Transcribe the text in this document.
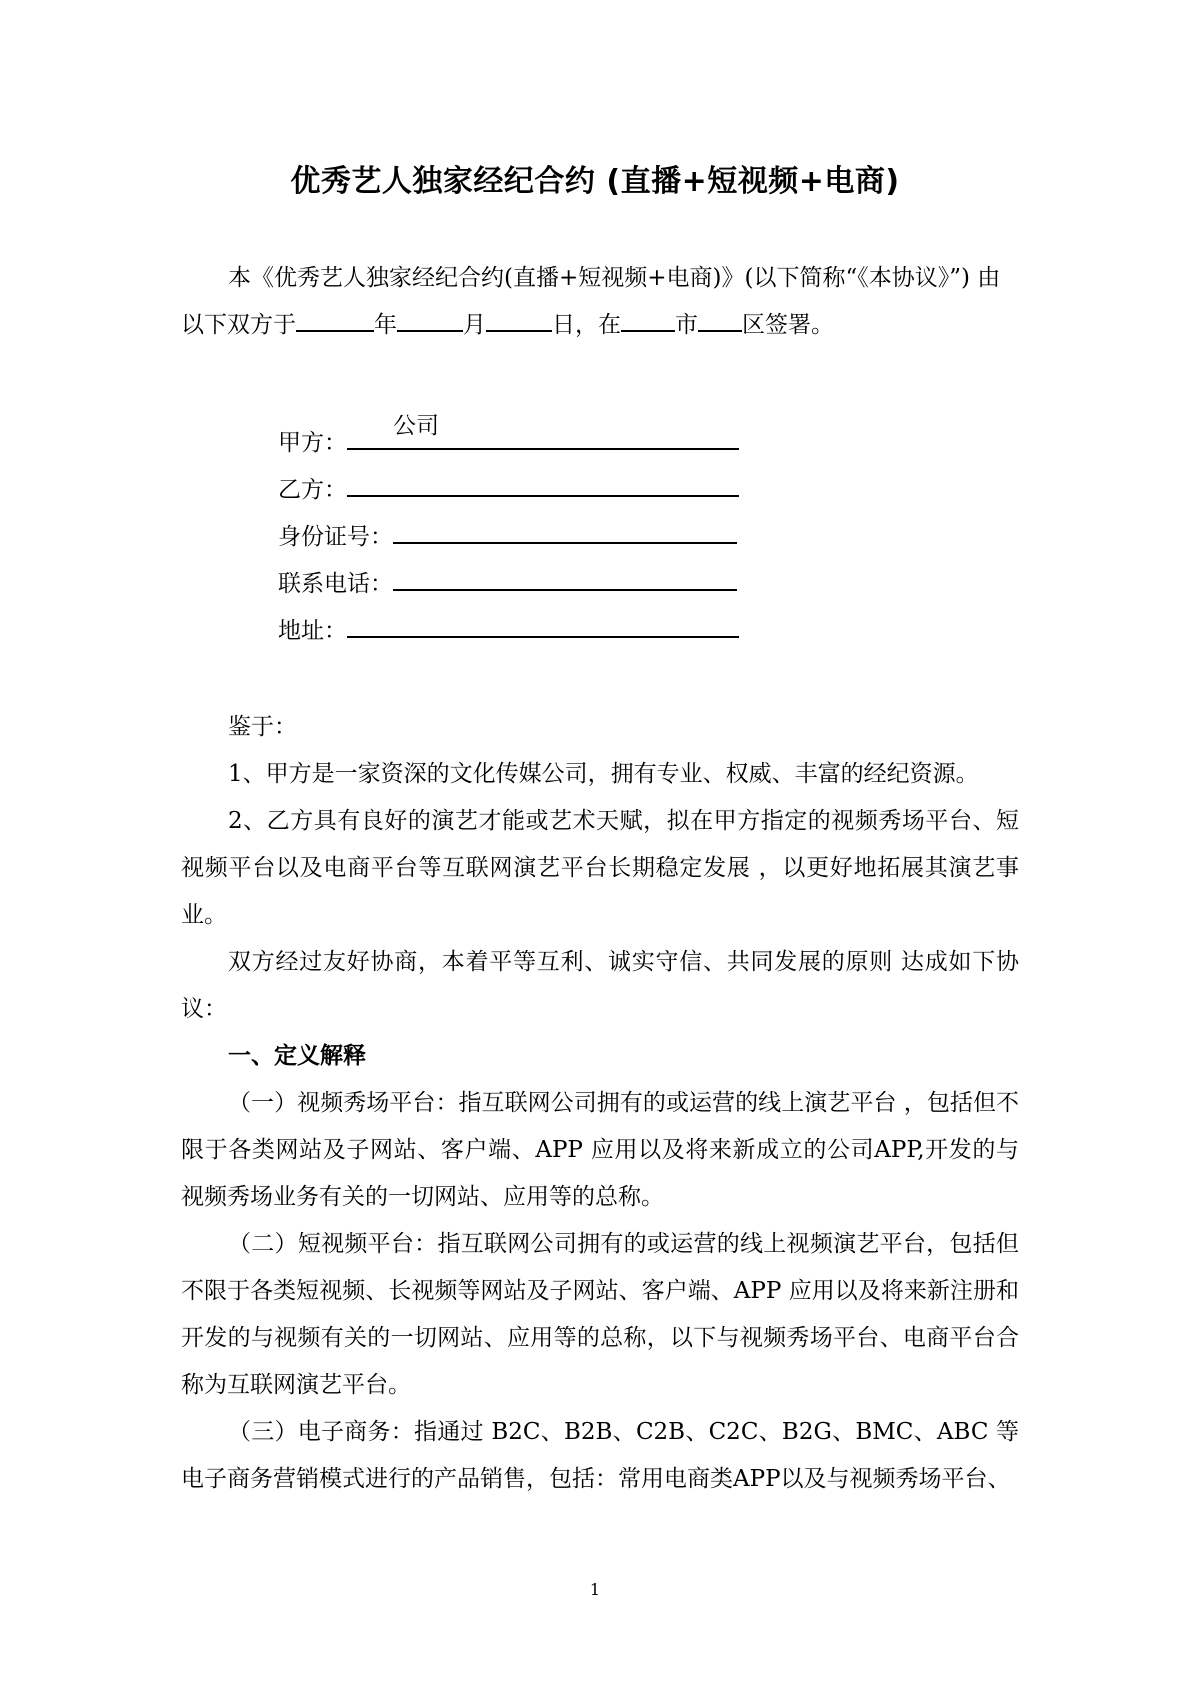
优秀艺人独家经纪合约 (直播+短视频+电商)

本《优秀艺人独家经纪合约(直播+短视频+电商)》(以下简称“《本协议》”) 由

以下双方于	年	月	日，在 市 区签署。

甲方：
公司
乙方：
身份证号：
联系电话：
地址：

鉴于：

1、甲方是一家资深的文化传媒公司，拥有专业、权威、丰富的经纪资源。

2、乙方具有良好的演艺才能或艺术天赋，拟在甲方指定的视频秀场平台、短视频平台以及电商平台等互联网演艺平台长期稳定发展 ，以更好地拓展其演艺事业。

双方经过友好协商，本着平等互利、诚实守信、共同发展的原则 达成如下协议：

一、定义解释

（一）视频秀场平台：指互联网公司拥有的或运营的线上演艺平台 ，包括但不限于各类网站及子网站、客户端、APP 应用以及将来新成立的公司APP,开发的与视频秀场业务有关的一切网站、应用等的总称。

（二）短视频平台：指互联网公司拥有的或运营的线上视频演艺平台，包括但不限于各类短视频、长视频等网站及子网站、客户端、APP 应用以及将来新注册和开发的与视频有关的一切网站、应用等的总称，以下与视频秀场平台、电商平台合称为互联网演艺平台。

（三）电子商务：指通过 B2C、B2B、C2B、C2C、B2G、BMC、ABC 等电子商务营销模式进行的产品销售，包括：常用电商类APP以及与视频秀场平台、

1
